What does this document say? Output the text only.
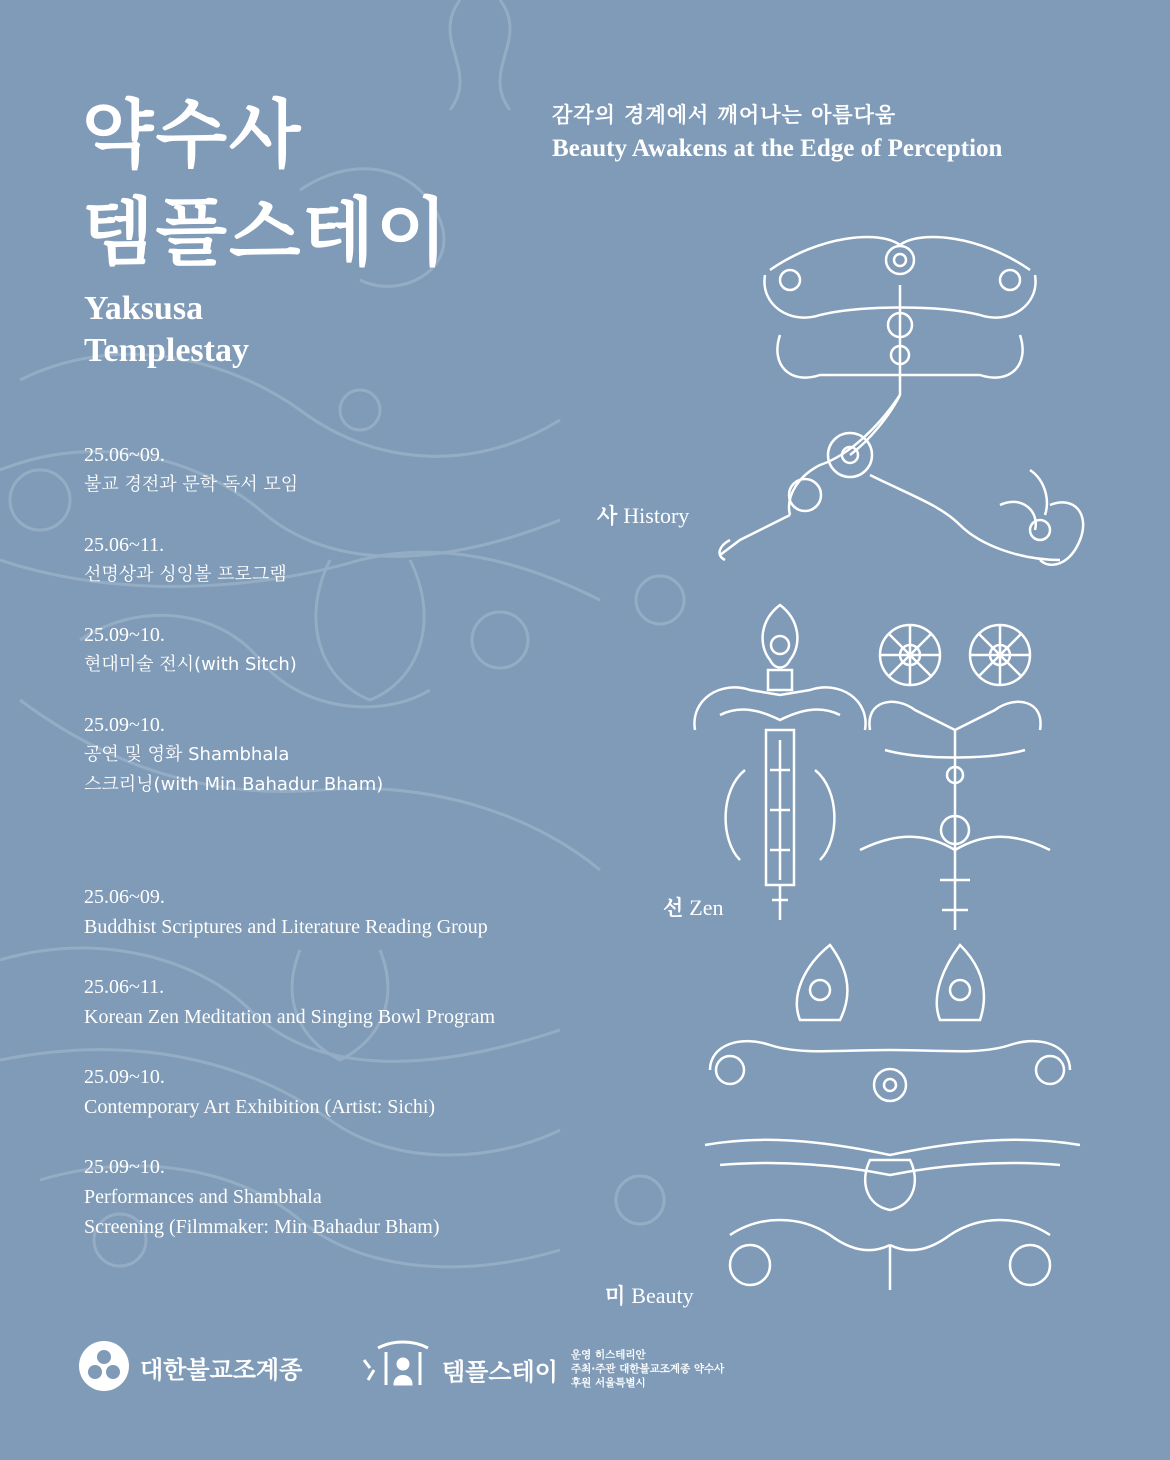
약수사
템플스테이
Yaksusa
Templestay
감각의 경계에서 깨어나는 아름다움
Beauty Awakens at the Edge of Perception
25.06~09.
불교 경전과 문학 독서 모임
25.06~11.
선명상과 싱잉볼 프로그램
25.09~10.
현대미술 전시(with Sitch)
25.09~10.
공연 및 영화 Shambhala
스크리닝(with Min Bahadur Bham)
25.06~09.
Buddhist Scriptures and Literature Reading Group
25.06~11.
Korean Zen Meditation and Singing Bowl Program
25.09~10.
Contemporary Art Exhibition (Artist: Sichi)
25.09~10.
Performances and Shambhala
Screening (Filmmaker: Min Bahadur Bham)
사 History
선 Zen
미 Beauty
대한불교조계종	템플스테이
운영 히스테리안
주최·주관 대한불교조계종 약수사
후원 서울특별시
